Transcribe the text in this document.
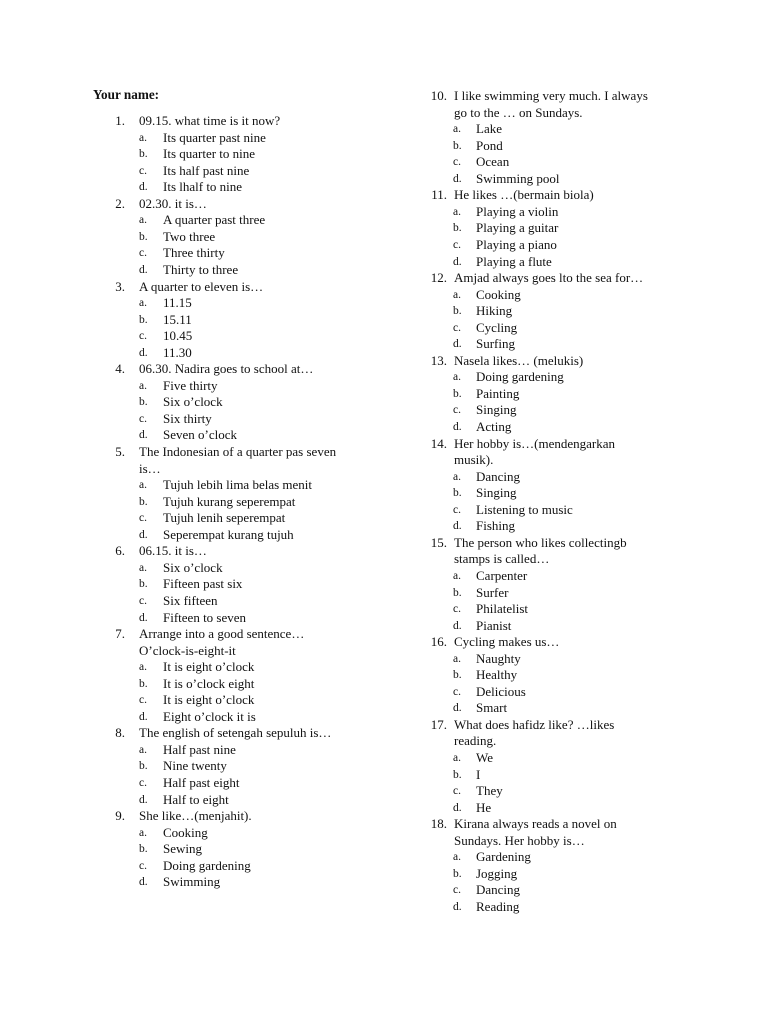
Your name:
1. 09.15. what time is it now?
a. Its quarter past nine
b. Its quarter to nine
c. Its half past nine
d. Its lhalf to nine
2. 02.30. it is…
a. A quarter past three
b. Two three
c. Three thirty
d. Thirty to three
3. A quarter to eleven is…
a. 11.15
b. 15.11
c. 10.45
d. 11.30
4. 06.30. Nadira goes to school at…
a. Five thirty
b. Six o’clock
c. Six thirty
d. Seven o’clock
5. The Indonesian of a quarter pas seven
is…
a. Tujuh lebih lima belas menit
b. Tujuh kurang seperempat
c. Tujuh lenih seperempat
d. Seperempat kurang tujuh
6. 06.15. it is…
a. Six o’clock
b. Fifteen past six
c. Six fifteen
d. Fifteen to seven
7. Arrange into a good sentence…
O’clock-is-eight-it
a. It is eight o’clock
b. It is o’clock eight
c. It is eight o’clock
d. Eight o’clock it is
8. The english of setengah sepuluh is…
a. Half past nine
b. Nine twenty
c. Half past eight
d. Half to eight
9. She like…(menjahit).
a. Cooking
b. Sewing
c. Doing gardening
d. Swimming
10. I like swimming very much. I always
go to the … on Sundays.
a. Lake
b. Pond
c. Ocean
d. Swimming pool
11. He likes …(bermain biola)
a. Playing a violin
b. Playing a guitar
c. Playing a piano
d. Playing a flute
12. Amjad always goes lto the sea for…
a. Cooking
b. Hiking
c. Cycling
d. Surfing
13. Nasela likes… (melukis)
a. Doing gardening
b. Painting
c. Singing
d. Acting
14. Her hobby is…(mendengarkan
musik).
a. Dancing
b. Singing
c. Listening to music
d. Fishing
15. The person who likes collectingb
stamps is called…
a. Carpenter
b. Surfer
c. Philatelist
d. Pianist
16. Cycling makes us…
a. Naughty
b. Healthy
c. Delicious
d. Smart
17. What does hafidz like? …likes
reading.
a. We
b. I
c. They
d. He
18. Kirana always reads a novel on
Sundays. Her hobby is…
a. Gardening
b. Jogging
c. Dancing
d. Reading
